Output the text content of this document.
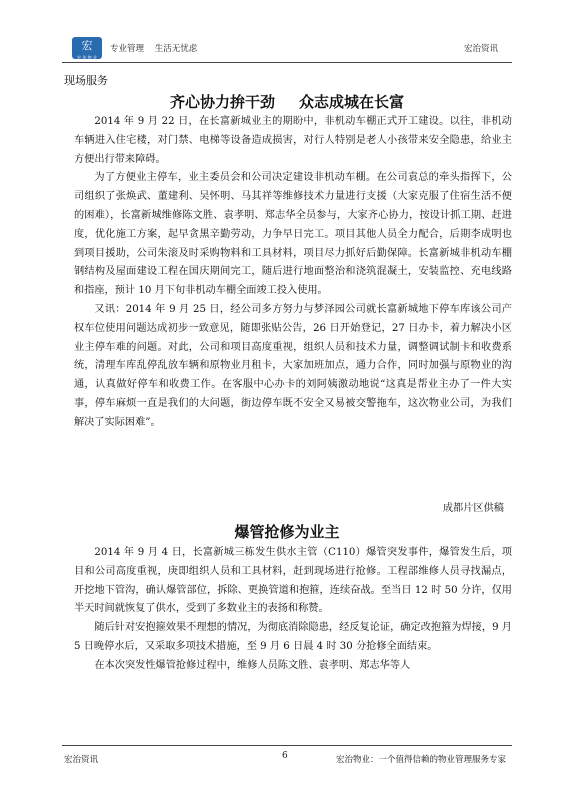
宏
宏 治 物 业
专业管理 生活无忧虑	宏治资讯
现场服务
齐心协力拚干劲 众志成城在长富

2014 年 9 月 22 日，在长富新城业主的期盼中，非机动车棚正式开工建设。以往，非机动车辆进入住宅楼，对门禁、电梯等设备造成损害，对行人特别是老人小孩带来安全隐患，给业主方便出行带来障碍。

为了方便业主停车，业主委员会和公司决定建设非机动车棚。在公司袁总的牵头指挥下，公司组织了张焕武、董建利、吴怀明、马其祥等维修技术力量进行支援（大家克服了住宿生活不便的困难），长富新城维修陈文胜、袁孝明、郑志华全员参与，大家齐心协力，按设计抓工期、赶进度，优化施工方案，起早贪黑辛勤劳动，力争早日完工。项目其他人员全力配合，后期李成明也到项目援助，公司朱滚及时采购物料和工具材料，项目尽力抓好后勤保障。长富新城非机动车棚钢结构及屋面建设工程在国庆期间完工，随后进行地面整治和浇筑混凝土，安装监控、充电线路和指座，预计 10 月下旬非机动车棚全面竣工投入使用。

又讯：2014 年 9 月 25 日，经公司多方努力与梦泽园公司就长富新城地下停车库该公司产权车位使用问题达成初步一致意见，随即张贴公告，26 日开始登记，27 日办卡，着力解决小区业主停车难的问题。对此，公司和项目高度重视，组织人员和技术力量，调整调试制卡和收费系统，清理车库乱停乱放车辆和原物业月租卡，大家加班加点，通力合作，同时加强与原物业的沟通，认真做好停车和收费工作。在客服中心办卡的刘阿姨激动地说“这真是帮业主办了一件大实事，停车麻烦一直是我们的大问题，街边停车既不安全又易被交警拖车，这次物业公司，为我们解决了实际困难”。

成都片区供稿
爆管抢修为业主

2014 年 9 月 4 日，长富新城三栋发生供水主管（Ⅽ110）爆管突发事件，爆管发生后，项目和公司高度重视，庚即组织人员和工具材料，赶到现场进行抢修。工程部维修人员寻找漏点，开挖地下管沟，确认爆管部位，拆除、更换管道和抱箍，连续奋战。至当日 12 时 50 分许，仅用半天时间就恢复了供水，受到了多数业主的表扬和称赞。

随后针对安抱箍效果不理想的情况，为彻底消除隐患，经反复论证，确定改抱箍为焊接，9 月 5 日晚停水后，又采取多项技术措施，至 9 月 6 日晨 4 时 30 分抢修全面结束。

在本次突发性爆管抢修过程中，维修人员陈文胜、袁孝明、郑志华等人

宏治资讯	6	宏治物业：一个值得信赖的物业管理服务专家
